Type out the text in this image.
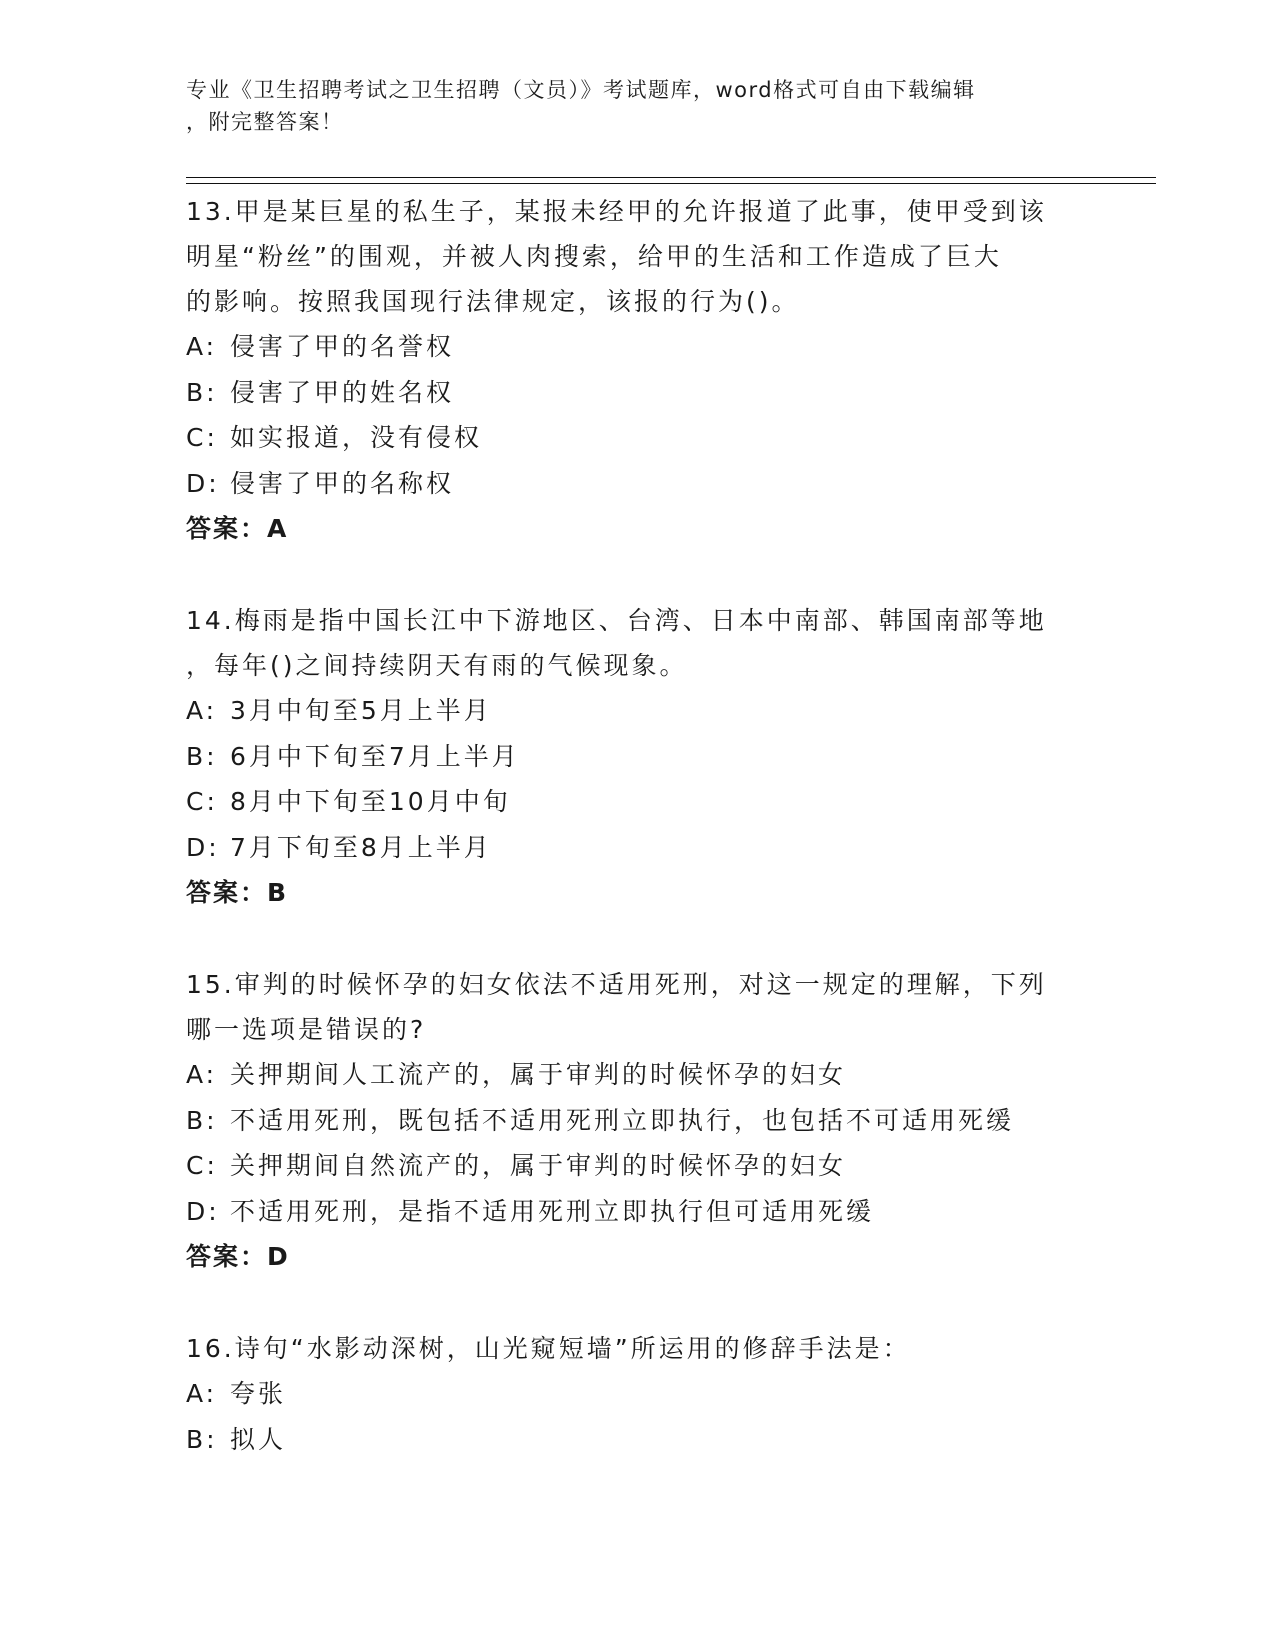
专业《卫生招聘考试之卫生招聘（文员）》考试题库，word格式可自由下载编辑
，附完整答案！

13.甲是某巨星的私生子，某报未经甲的允许报道了此事，使甲受到该

明星“粉丝”的围观，并被人肉搜索，给甲的生活和工作造成了巨大

的影响。按照我国现行法律规定，该报的行为()。

A: 侵害了甲的名誉权

B: 侵害了甲的姓名权

C: 如实报道，没有侵权

D: 侵害了甲的名称权

答案：A

14.梅雨是指中国长江中下游地区、台湾、日本中南部、韩国南部等地

，每年()之间持续阴天有雨的气候现象。

A: 3月中旬至5月上半月

B: 6月中下旬至7月上半月

C: 8月中下旬至10月中旬

D: 7月下旬至8月上半月

答案：B

15.审判的时候怀孕的妇女依法不适用死刑，对这一规定的理解，下列

哪一选项是错误的?

A: 关押期间人工流产的，属于审判的时候怀孕的妇女

B: 不适用死刑，既包括不适用死刑立即执行，也包括不可适用死缓

C: 关押期间自然流产的，属于审判的时候怀孕的妇女

D: 不适用死刑，是指不适用死刑立即执行但可适用死缓

答案：D

16.诗句“水影动深树，山光窥短墙”所运用的修辞手法是：

A: 夸张

B: 拟人
